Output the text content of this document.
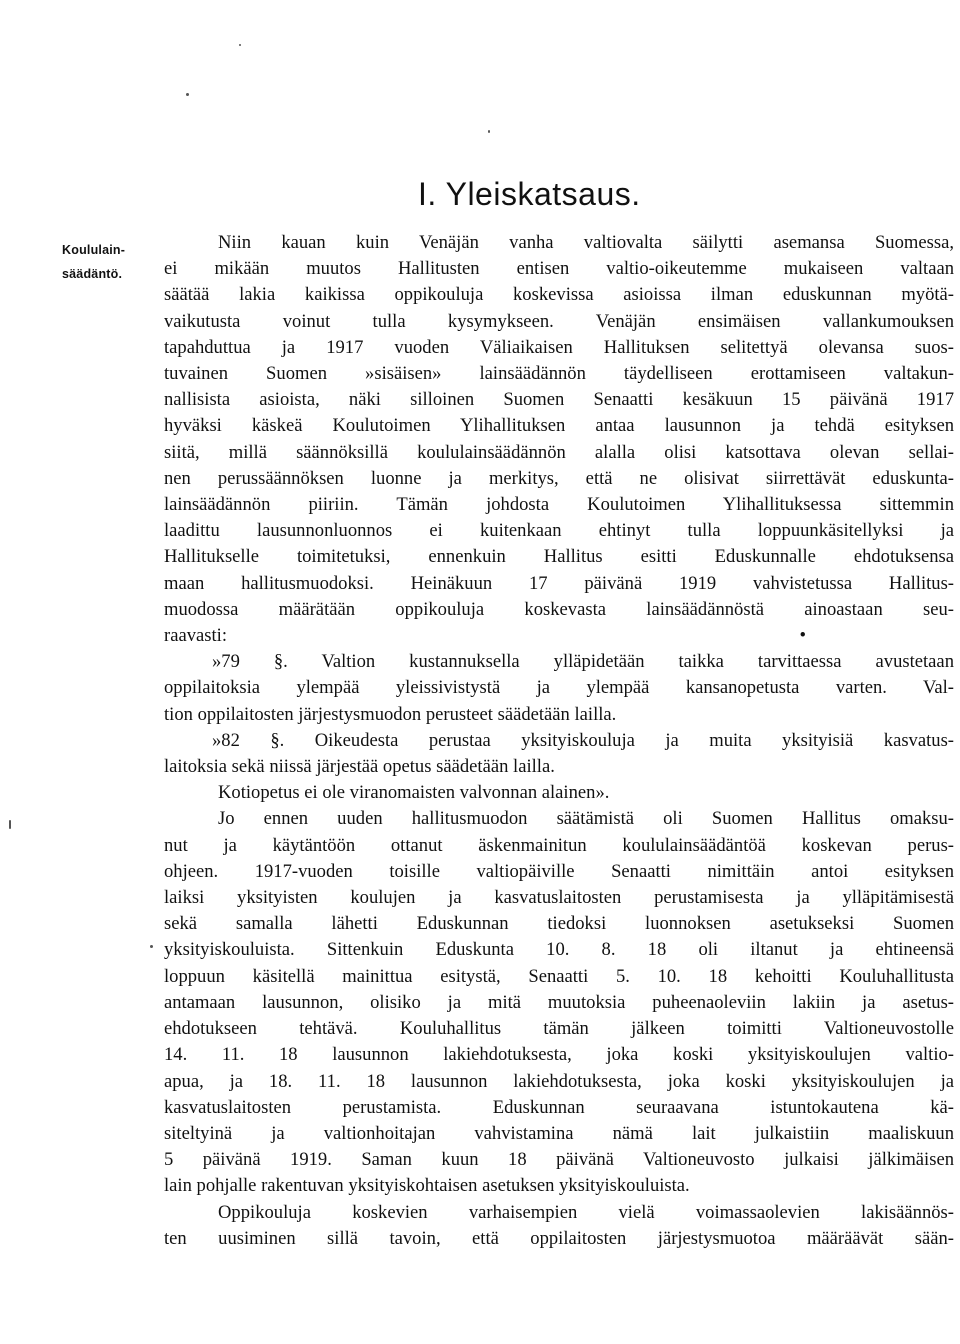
Koululain-
säädäntö.
I. Yleiskatsaus.
Niin kauan kuin Venäjän vanha valtiovalta säilytti asemansa Suomessa,
ei mikään muutos Hallitusten entisen valtio-oikeutemme mukaiseen valtaan
säätää lakia kaikissa oppikouluja koskevissa asioissa ilman eduskunnan myötä-
vaikutusta voinut tulla kysymykseen. Venäjän ensimäisen vallankumouksen
tapahduttua ja 1917 vuoden Väliaikaisen Hallituksen selitettyä olevansa suos-
tuvainen Suomen »sisäisen» lainsäädännön täydelliseen erottamiseen valtakun-
nallisista asioista, näki silloinen Suomen Senaatti kesäkuun 15 päivänä 1917
hyväksi käskeä Koulutoimen Ylihallituksen antaa lausunnon ja tehdä esityksen
siitä, millä säännöksillä koululainsäädännön alalla olisi katsottava olevan sellai-
nen perussäännöksen luonne ja merkitys, että ne olisivat siirrettävät eduskunta-
lainsäädännön piiriin. Tämän johdosta Koulutoimen Ylihallituksessa sittemmin
laadittu lausunnonluonnos ei kuitenkaan ehtinyt tulla loppuunkäsitellyksi ja
Hallitukselle toimitetuksi, ennenkuin Hallitus esitti Eduskunnalle ehdotuksensa
maan hallitusmuodoksi. Heinäkuun 17 päivänä 1919 vahvistetussa Hallitus-
muodossa määrätään oppikouluja koskevasta lainsäädännöstä ainoastaan seu-
raavasti:	•
»79 §. Valtion kustannuksella ylläpidetään taikka tarvittaessa avustetaan
oppilaitoksia ylempää yleissivistystä ja ylempää kansanopetusta varten. Val-
tion oppilaitosten järjestysmuodon perusteet säädetään lailla.
»82 §. Oikeudesta perustaa yksityiskouluja ja muita yksityisiä kasvatus-
laitoksia sekä niissä järjestää opetus säädetään lailla.
Kotiopetus ei ole viranomaisten valvonnan alainen».
Jo ennen uuden hallitusmuodon säätämistä oli Suomen Hallitus omaksu-
nut ja käytäntöön ottanut äskenmainitun koululainsäädäntöä koskevan perus-
ohjeen. 1917-vuoden toisille valtiopäiville Senaatti nimittäin antoi esityksen
laiksi yksityisten koulujen ja kasvatuslaitosten perustamisesta ja ylläpitämisestä
sekä samalla lähetti Eduskunnan tiedoksi luonnoksen asetukseksi Suomen
yksityiskouluista. Sittenkuin Eduskunta 10. 8. 18 oli iltanut ja ehtineensä
loppuun käsitellä mainittua esitystä, Senaatti 5. 10. 18 kehoitti Kouluhallitusta
antamaan lausunnon, olisiko ja mitä muutoksia puheenaoleviin lakiin ja asetus-
ehdotukseen tehtävä. Kouluhallitus tämän jälkeen toimitti Valtioneuvostolle
14. 11. 18 lausunnon lakiehdotuksesta, joka koski yksityiskoulujen valtio-
apua, ja 18. 11. 18 lausunnon lakiehdotuksesta, joka koski yksityiskoulujen ja
kasvatuslaitosten perustamista. Eduskunnan seuraavana istuntokautena kä-
siteltyinä ja valtionhoitajan vahvistamina nämä lait julkaistiin maaliskuun
5 päivänä 1919. Saman kuun 18 päivänä Valtioneuvosto julkaisi jälkimäisen
lain pohjalle rakentuvan yksityiskohtaisen asetuksen yksityiskouluista.
Oppikouluja koskevien varhaisempien vielä voimassaolevien lakisäännös-
ten uusiminen sillä tavoin, että oppilaitosten järjestysmuotoa määräävät sään-
